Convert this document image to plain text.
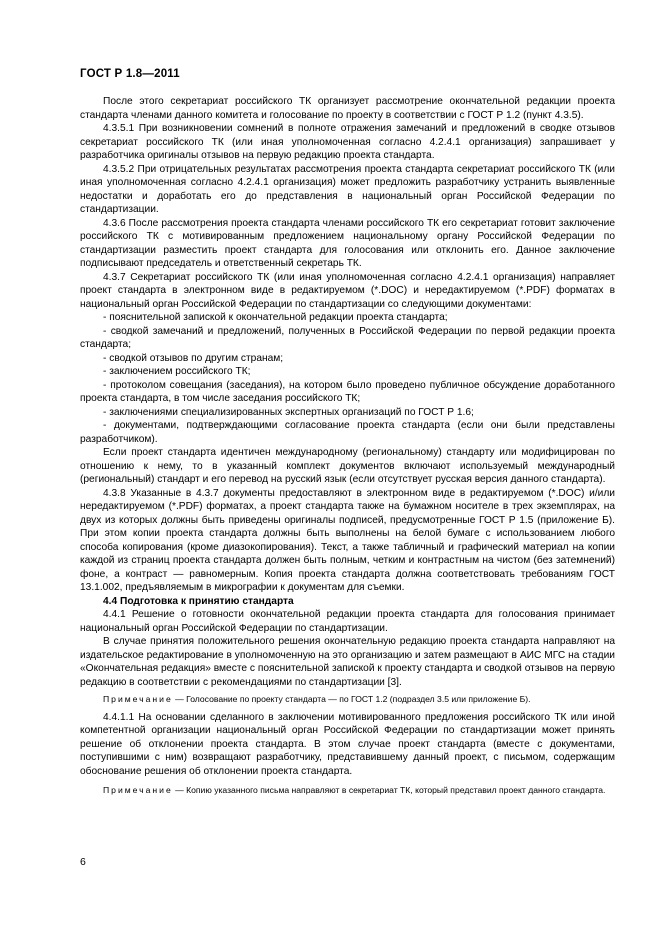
ГОСТ Р 1.8—2011

После этого секретариат российского ТК организует рассмотрение окончательной редакции проекта стандарта членами данного комитета и голосование по проекту в соответствии с ГОСТ Р 1.2 (пункт 4.3.5).

4.3.5.1 При возникновении сомнений в полноте отражения замечаний и предложений в сводке отзывов секретариат российского ТК (или иная уполномоченная согласно 4.2.4.1 организация) запрашивает у разработчика оригиналы отзывов на первую редакцию проекта стандарта.

4.3.5.2 При отрицательных результатах рассмотрения проекта стандарта секретариат российского ТК (или иная уполномоченная согласно 4.2.4.1 организация) может предложить разработчику устранить выявленные недостатки и доработать его до представления в национальный орган Российской Федерации по стандартизации.

4.3.6 После рассмотрения проекта стандарта членами российского ТК его секретариат готовит заключение российского ТК с мотивированным предложением национальному органу Российской Федерации по стандартизации разместить проект стандарта для голосования или отклонить его. Данное заключение подписывают председатель и ответственный секретарь ТК.

4.3.7 Секретариат российского ТК (или иная уполномоченная согласно 4.2.4.1 организация) направляет проект стандарта в электронном виде в редактируемом (*.DOC) и нередактируемом (*.PDF) форматах в национальный орган Российской Федерации по стандартизации со следующими документами:

- пояснительной запиской к окончательной редакции проекта стандарта;

- сводкой замечаний и предложений, полученных в Российской Федерации по первой редакции проекта стандарта;

- сводкой отзывов по другим странам;

- заключением российского ТК;

- протоколом совещания (заседания), на котором было проведено публичное обсуждение доработанного проекта стандарта, в том числе заседания российского ТК;

- заключениями специализированных экспертных организаций по ГОСТ Р 1.6;

- документами, подтверждающими согласование проекта стандарта (если они были представлены разработчиком).

Если проект стандарта идентичен международному (региональному) стандарту или модифицирован по отношению к нему, то в указанный комплект документов включают используемый международный (региональный) стандарт и его перевод на русский язык (если отсутствует русская версия данного стандарта).

4.3.8 Указанные в 4.3.7 документы предоставляют в электронном виде в редактируемом (*.DOC) и/или нередактируемом (*.PDF) форматах, а проект стандарта также на бумажном носителе в трех экземплярах, на двух из которых должны быть приведены оригиналы подписей, предусмотренные ГОСТ Р 1.5 (приложение Б). При этом копии проекта стандарта должны быть выполнены на белой бумаге с использованием любого способа копирования (кроме диазокопирования). Текст, а также табличный и графический материал на копии каждой из страниц проекта стандарта должен быть полным, четким и контрастным на чистом (без затемнений) фоне, а контраст — равномерным. Копия проекта стандарта должна соответствовать требованиям ГОСТ 13.1.002, предъявляемым в микрографии к документам для съемки.

4.4 Подготовка к принятию стандарта

4.4.1 Решение о готовности окончательной редакции проекта стандарта для голосования принимает национальный орган Российской Федерации по стандартизации.

В случае принятия положительного решения окончательную редакцию проекта стандарта направляют на издательское редактирование в уполномоченную на это организацию и затем размещают в АИС МГС на стадии «Окончательная редакция» вместе с пояснительной запиской к проекту стандарта и сводкой отзывов на первую редакцию в соответствии с рекомендациями по стандартизации [3].

Примечание — Голосование по проекту стандарта — по ГОСТ 1.2 (подраздел 3.5 или приложение Б).

4.4.1.1 На основании сделанного в заключении мотивированного предложения российского ТК или иной компетентной организации национальный орган Российской Федерации по стандартизации может принять решение об отклонении проекта стандарта. В этом случае проект стандарта (вместе с документами, поступившими с ним) возвращают разработчику, представившему данный проект, с письмом, содержащим обоснование решения об отклонении проекта стандарта.

Примечание — Копию указанного письма направляют в секретариат ТК, который представил проект данного стандарта.

6
